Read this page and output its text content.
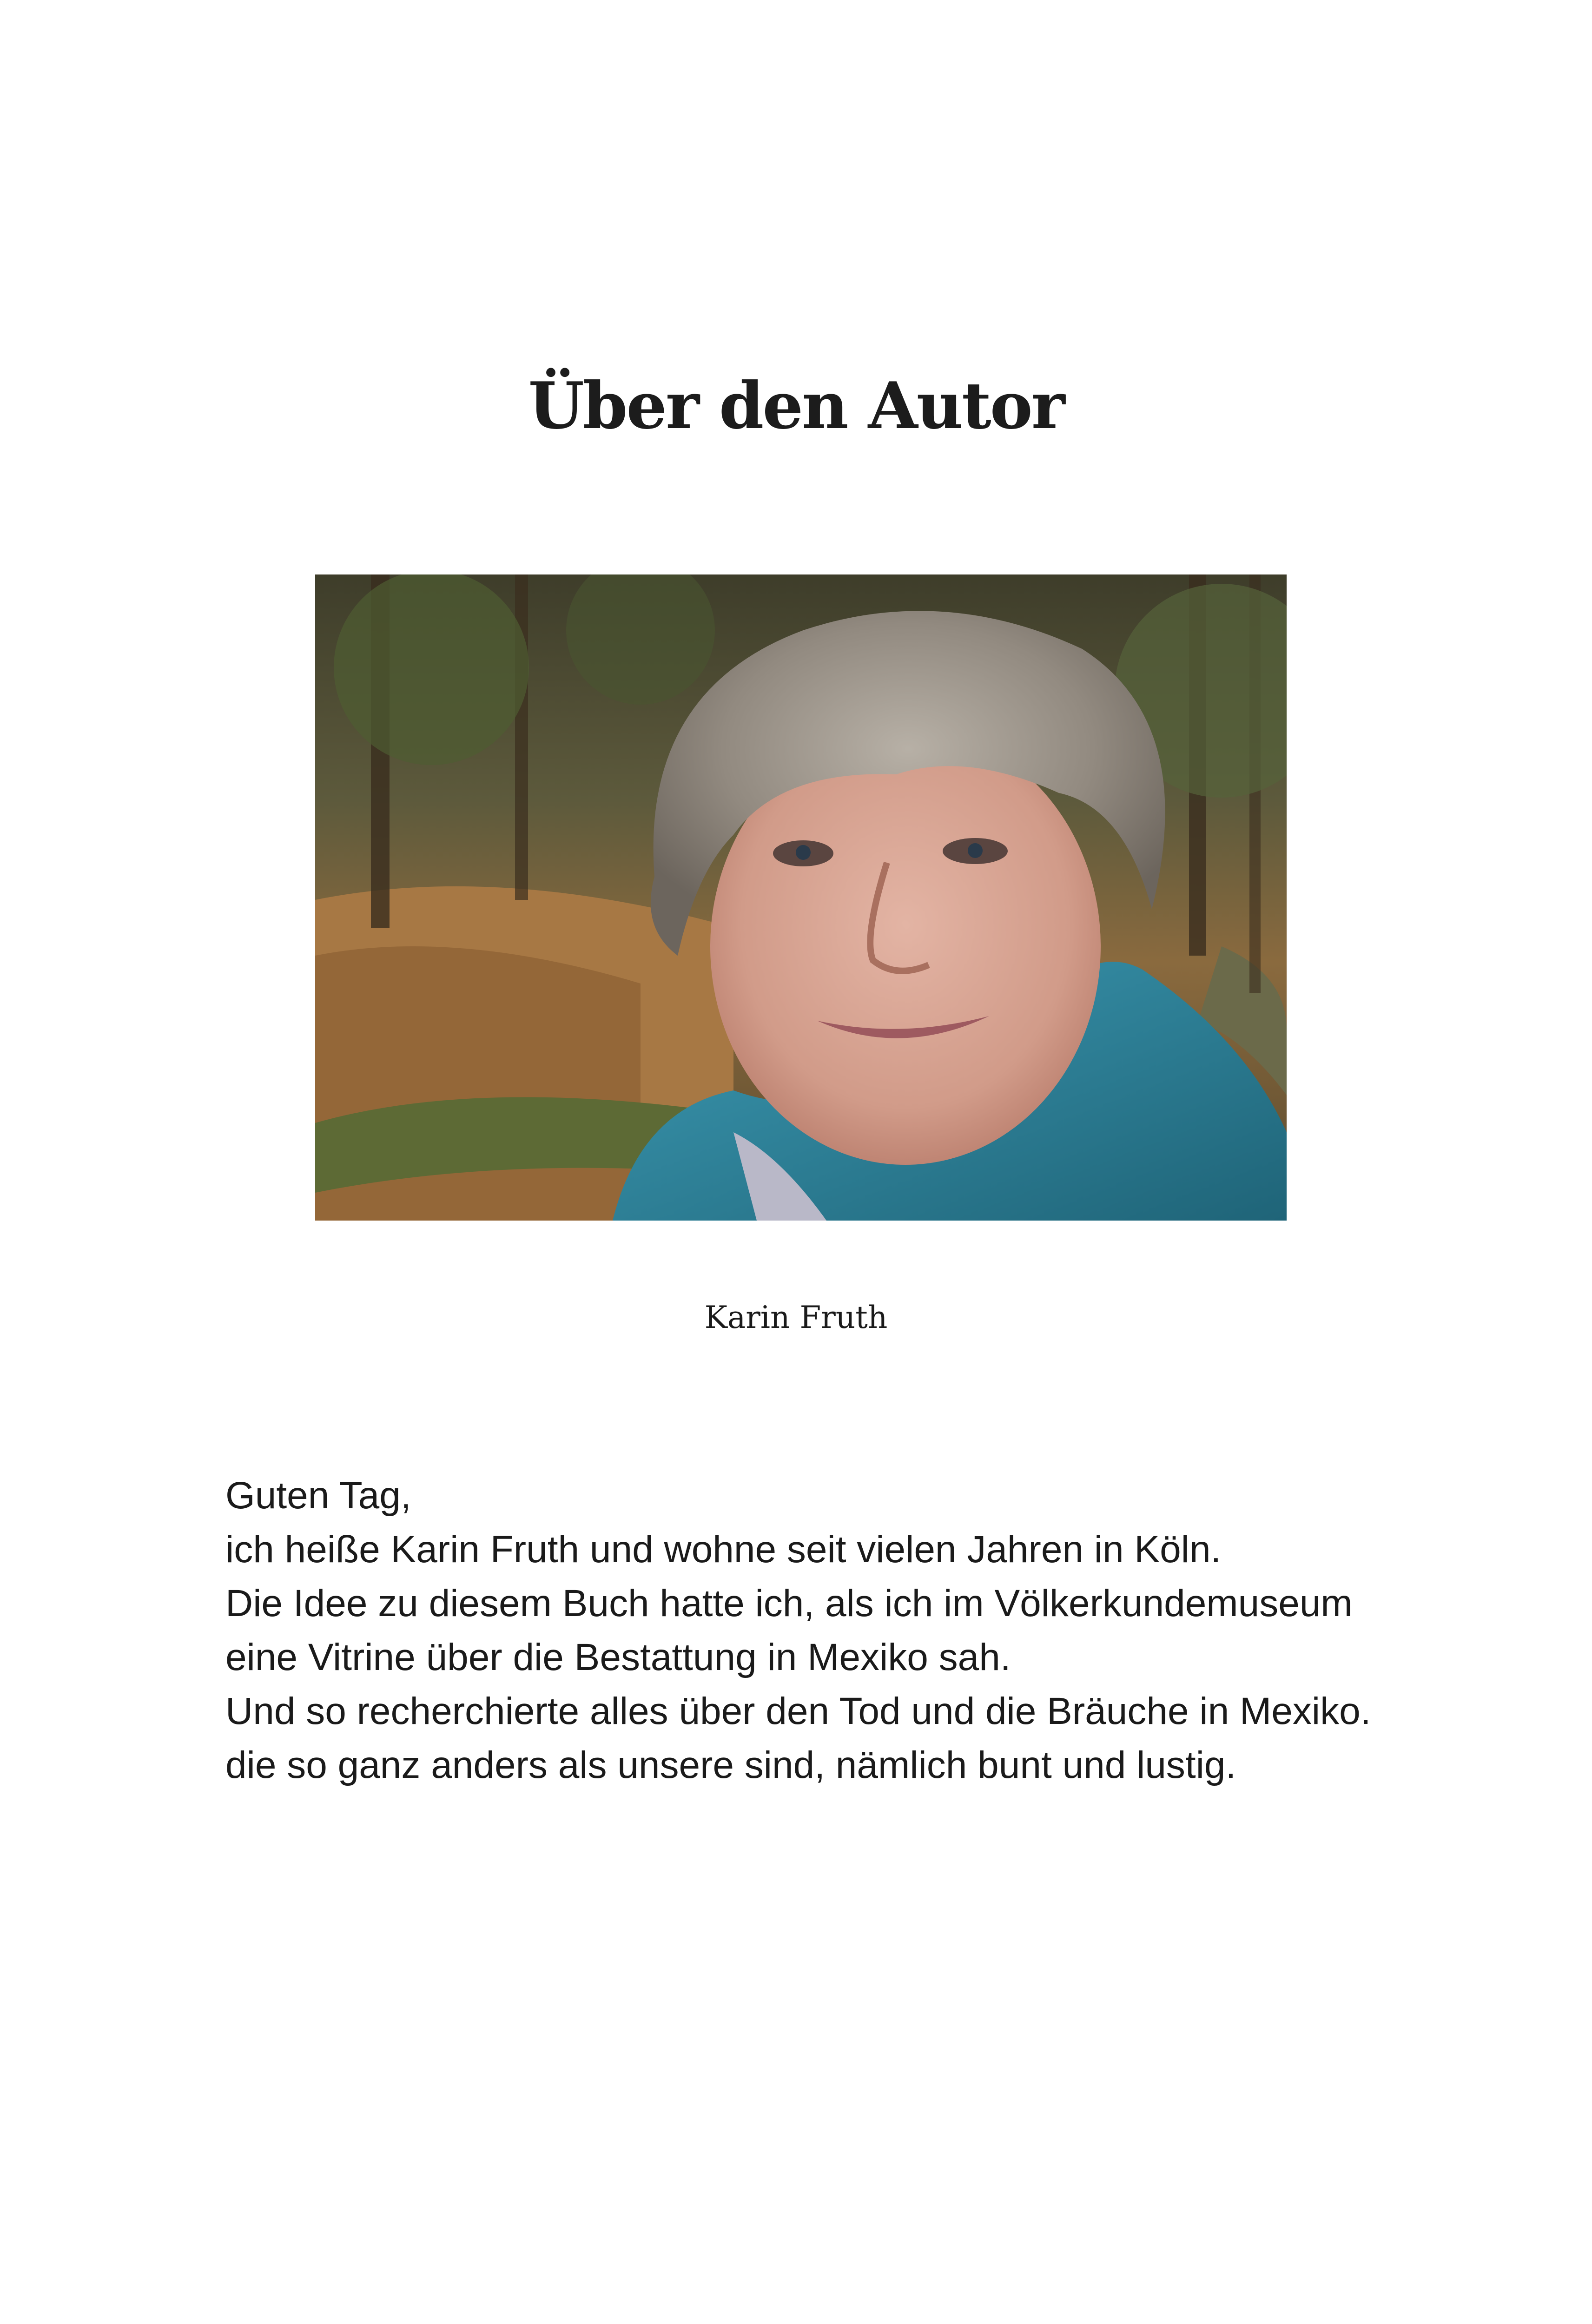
Über den Autor
Karin Fruth
Guten Tag,
ich heiße Karin Fruth und wohne seit vielen Jahren in Köln.
Die Idee zu diesem Buch hatte ich, als ich im Völkerkundemuseum
eine Vitrine über die Bestattung in Mexiko sah.
Und so recherchierte alles über den Tod und die Bräuche in Mexiko.
die so ganz anders als unsere sind, nämlich bunt und lustig.
